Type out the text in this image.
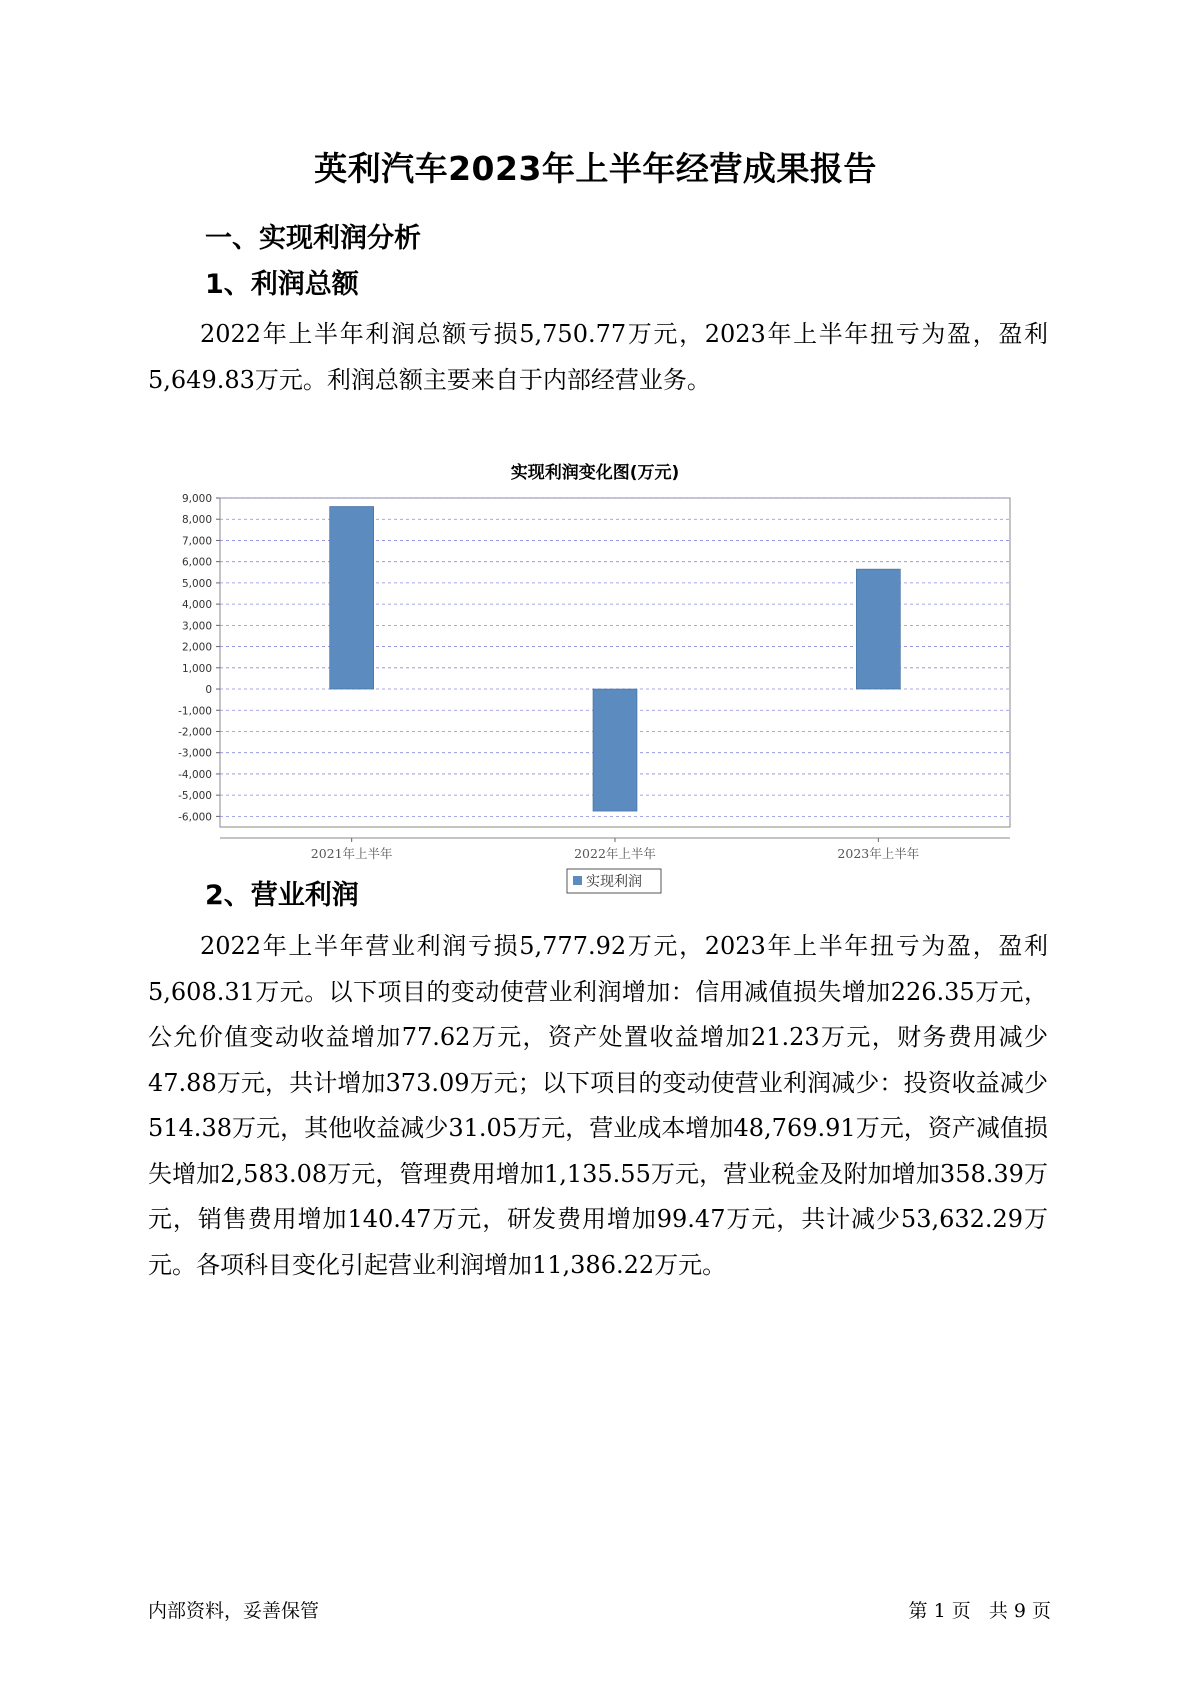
英利汽车2023年上半年经营成果报告
一、实现利润分析
1、利润总额

2022年上半年利润总额亏损5,750.77万元，2023年上半年扭亏为盈，盈利5,649.83万元。利润总额主要来自于内部经营业务。

实现利润变化图(万元)
9,000
8,000
7,000
6,000
5,000
4,000
3,000
2,000
1,000
0
-1,000
-2,000
-3,000
-4,000
-5,000
-6,000
2021年上半年	2022年上半年	2023年上半年
实现利润
2、营业利润

2022年上半年营业利润亏损5,777.92万元，2023年上半年扭亏为盈，盈利5,608.31万元。以下项目的变动使营业利润增加：信用减值损失增加226.35万元，公允价值变动收益增加77.62万元，资产处置收益增加21.23万元，财务费用减少47.88万元，共计增加373.09万元；以下项目的变动使营业利润减少：投资收益减少514.38万元，其他收益减少31.05万元，营业成本增加48,769.91万元，资产减值损失增加2,583.08万元，管理费用增加1,135.55万元，营业税金及附加增加358.39万元，销售费用增加140.47万元，研发费用增加99.47万元，共计减少53,632.29万元。各项科目变化引起营业利润增加11,386.22万元。

内部资料，妥善保管	第 1 页   共 9 页
